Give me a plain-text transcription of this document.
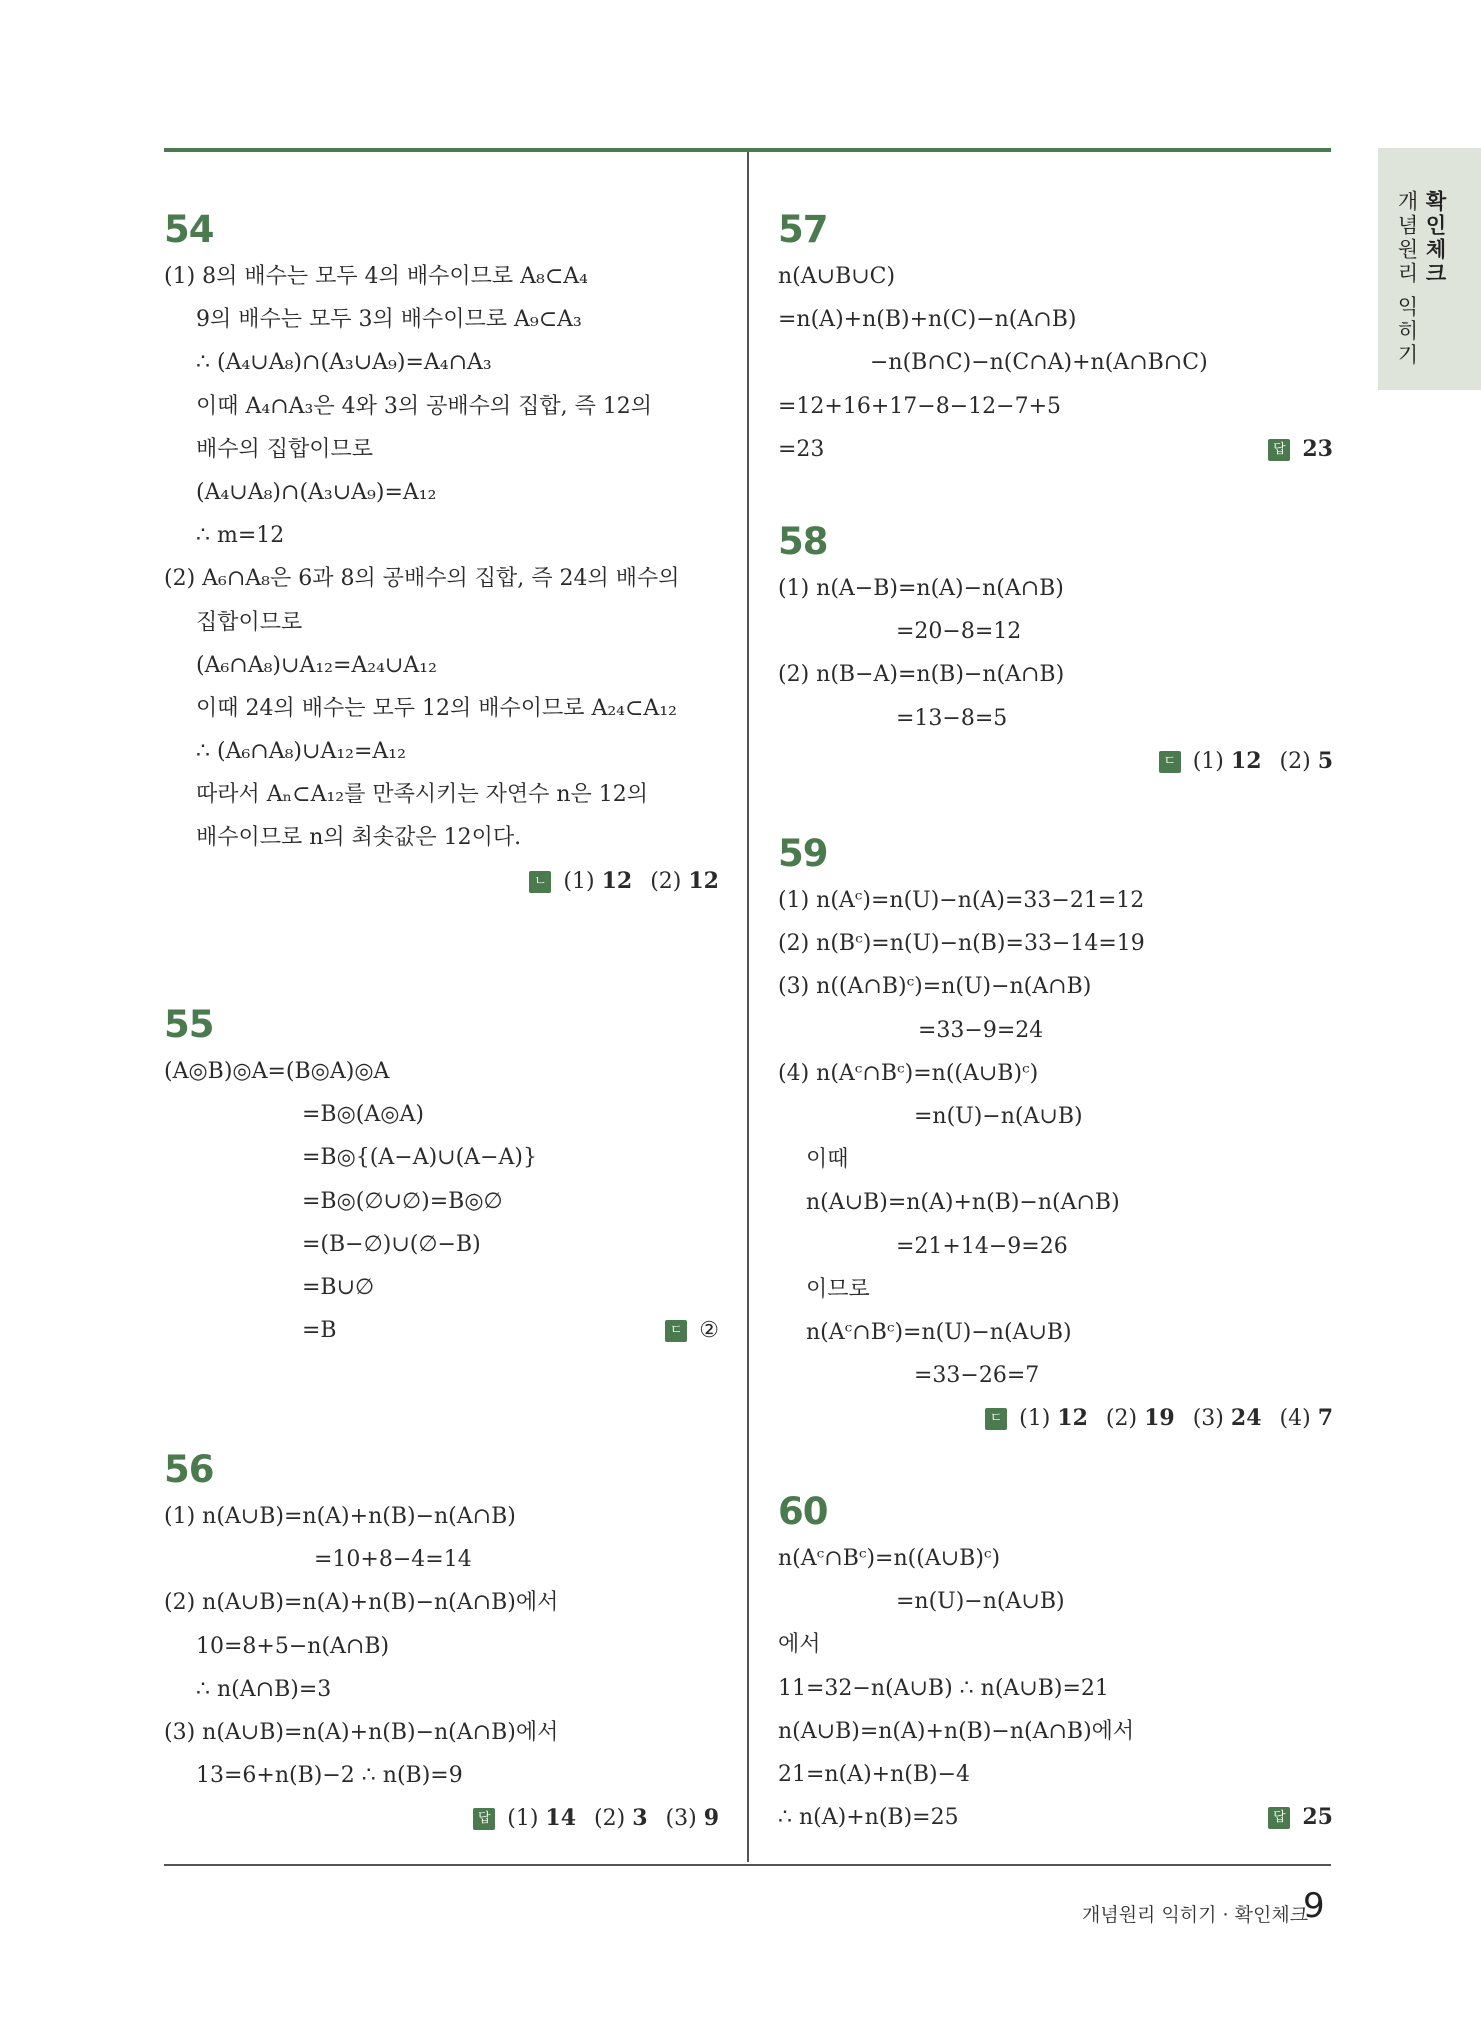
확인체크
개념원리 익히기
54
(1) 8의 배수는 모두 4의 배수이므로 A₈⊂A₄
9의 배수는 모두 3의 배수이므로 A₉⊂A₃
∴ (A₄∪A₈)∩(A₃∪A₉)=A₄∩A₃
이때 A₄∩A₃은 4와 3의 공배수의 집합, 즉 12의
배수의 집합이므로
(A₄∪A₈)∩(A₃∪A₉)=A₁₂
∴ m=12
(2) A₆∩A₈은 6과 8의 공배수의 집합, 즉 24의 배수의
집합이므로
(A₆∩A₈)∪A₁₂=A₂₄∪A₁₂
이때 24의 배수는 모두 12의 배수이므로 A₂₄⊂A₁₂
∴ (A₆∩A₈)∪A₁₂=A₁₂
따라서 Aₙ⊂A₁₂를 만족시키는 자연수 n은 12의
배수이므로 n의 최솟값은 12이다.
ㄴ (1) 12 (2) 12
55
(A◎B)◎A=(B◎A)◎A
=B◎(A◎A)
=B◎{(A−A)∪(A−A)}
=B◎(∅∪∅)=B◎∅
=(B−∅)∪(∅−B)
=B∪∅
=B	ㄷ ②
56
(1) n(A∪B)=n(A)+n(B)−n(A∩B)
=10+8−4=14
(2) n(A∪B)=n(A)+n(B)−n(A∩B)에서
10=8+5−n(A∩B)
∴ n(A∩B)=3
(3) n(A∪B)=n(A)+n(B)−n(A∩B)에서
13=6+n(B)−2 ∴ n(B)=9
답 (1) 14 (2) 3 (3) 9
57
n(A∪B∪C)
=n(A)+n(B)+n(C)−n(A∩B)
−n(B∩C)−n(C∩A)+n(A∩B∩C)
=12+16+17−8−12−7+5
=23	답 23
58
(1) n(A−B)=n(A)−n(A∩B)
=20−8=12
(2) n(B−A)=n(B)−n(A∩B)
=13−8=5
ㄷ (1) 12 (2) 5
59
(1) n(Aᶜ)=n(U)−n(A)=33−21=12
(2) n(Bᶜ)=n(U)−n(B)=33−14=19
(3) n((A∩B)ᶜ)=n(U)−n(A∩B)
=33−9=24
(4) n(Aᶜ∩Bᶜ)=n((A∪B)ᶜ)
=n(U)−n(A∪B)
이때
n(A∪B)=n(A)+n(B)−n(A∩B)
=21+14−9=26
이므로
n(Aᶜ∩Bᶜ)=n(U)−n(A∪B)
=33−26=7
ㄷ (1) 12 (2) 19 (3) 24 (4) 7
60
n(Aᶜ∩Bᶜ)=n((A∪B)ᶜ)
=n(U)−n(A∪B)
에서
11=32−n(A∪B) ∴ n(A∪B)=21
n(A∪B)=n(A)+n(B)−n(A∩B)에서
21=n(A)+n(B)−4
∴ n(A)+n(B)=25	답 25
개념원리 익히기 · 확인체크
9
